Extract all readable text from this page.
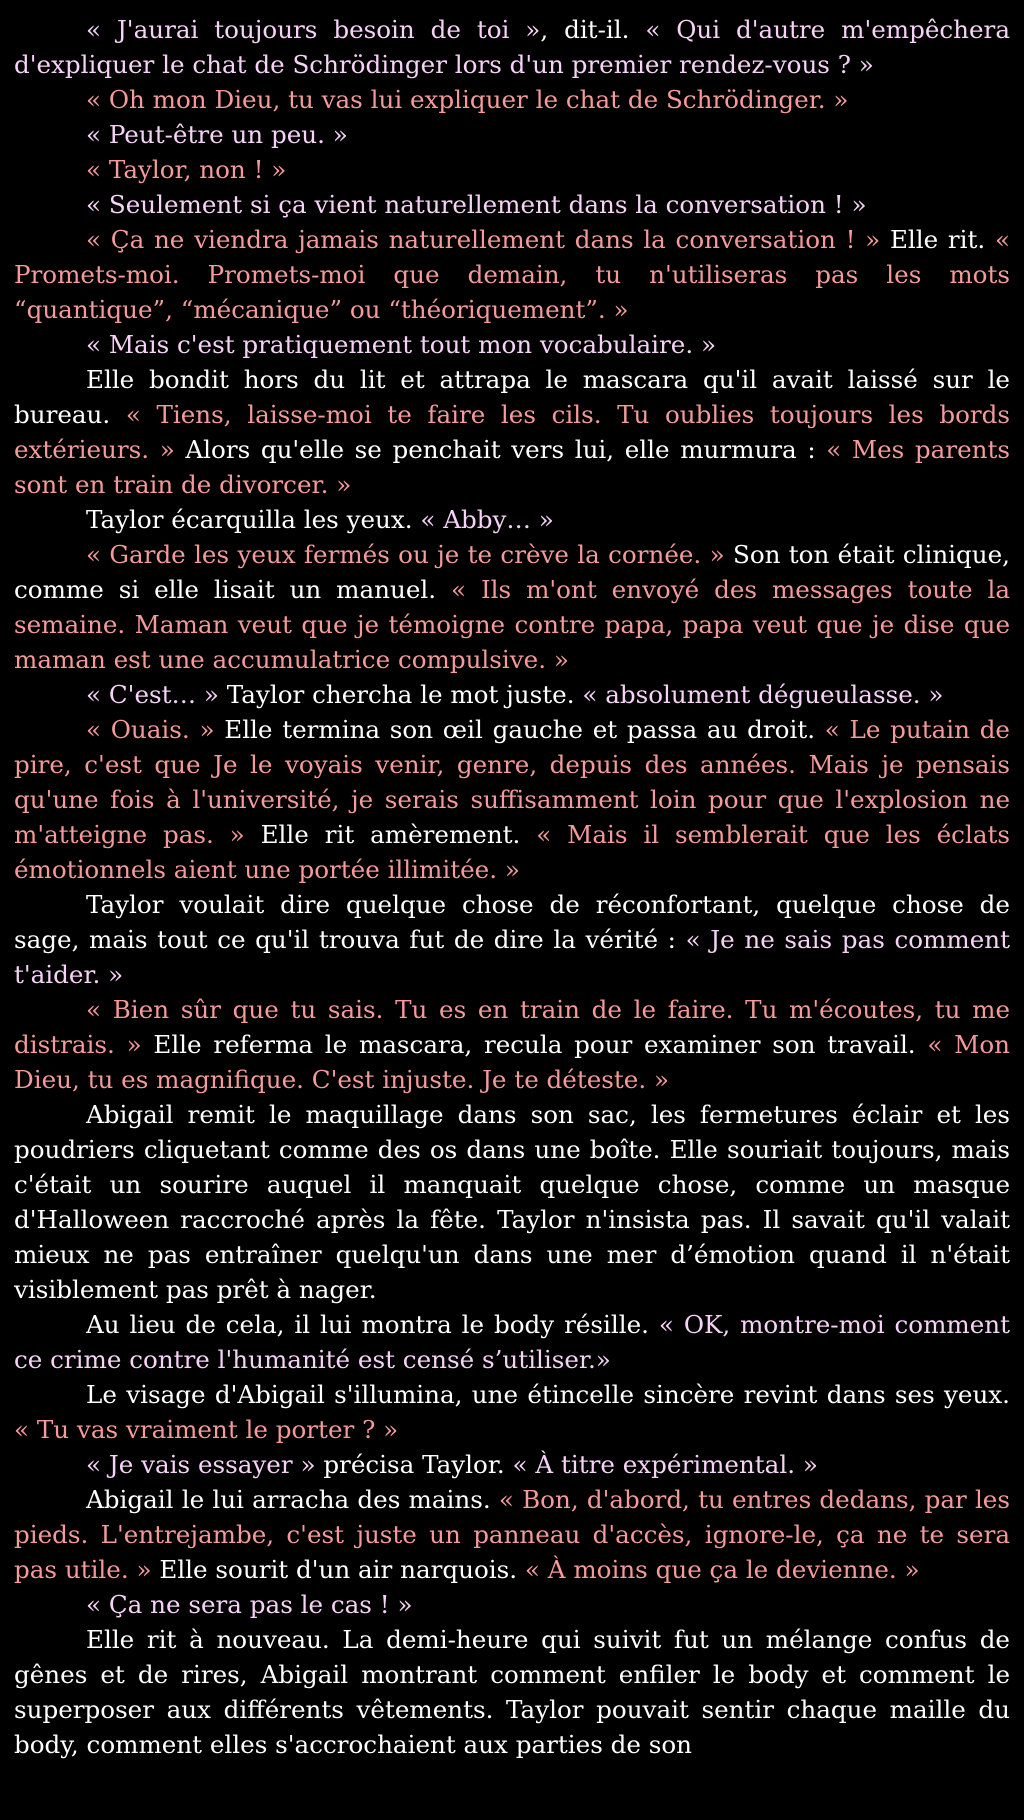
« J'aurai toujours besoin de toi », dit-il. « Qui d'autre m'empêchera d'expliquer le chat de Schrödinger lors d'un premier rendez-vous ? »

« Oh mon Dieu, tu vas lui expliquer le chat de Schrödinger. »

« Peut-être un peu. »

« Taylor, non ! »

« Seulement si ça vient naturellement dans la conversation ! »

« Ça ne viendra jamais naturellement dans la conversation ! » Elle rit. « Promets-moi. Promets-moi que demain, tu n'utiliseras pas les mots “quantique”, “mécanique” ou “théoriquement”. »

« Mais c'est pratiquement tout mon vocabulaire. »

Elle bondit hors du lit et attrapa le mascara qu'il avait laissé sur le bureau. « Tiens, laisse-moi te faire les cils. Tu oublies toujours les bords extérieurs. » Alors qu'elle se penchait vers lui, elle murmura : « Mes parents sont en train de divorcer. »

Taylor écarquilla les yeux. « Abby… »

« Garde les yeux fermés ou je te crève la cornée. » Son ton était clinique, comme si elle lisait un manuel. « Ils m'ont envoyé des messages toute la semaine. Maman veut que je témoigne contre papa, papa veut que je dise que maman est une accumulatrice compulsive. »

« C'est… » Taylor chercha le mot juste. « absolument dégueulasse. »

« Ouais. » Elle termina son œil gauche et passa au droit. « Le putain de pire, c'est que Je le voyais venir, genre, depuis des années. Mais je pensais qu'une fois à l'université, je serais suffisamment loin pour que l'explosion ne m'atteigne pas. » Elle rit amèrement. « Mais il semblerait que les éclats émotionnels aient une portée illimitée. »

Taylor voulait dire quelque chose de réconfortant, quelque chose de sage, mais tout ce qu'il trouva fut de dire la vérité : « Je ne sais pas comment t'aider. »

« Bien sûr que tu sais. Tu es en train de le faire. Tu m'écoutes, tu me distrais. » Elle referma le mascara, recula pour examiner son travail. « Mon Dieu, tu es magnifique. C'est injuste. Je te déteste. »

Abigail remit le maquillage dans son sac, les fermetures éclair et les poudriers cliquetant comme des os dans une boîte. Elle souriait toujours, mais c'était un sourire auquel il manquait quelque chose, comme un masque d'Halloween raccroché après la fête. Taylor n'insista pas. Il savait qu'il valait mieux ne pas entraîner quelqu'un dans une mer d’émotion quand il n'était visiblement pas prêt à nager.

Au lieu de cela, il lui montra le body résille. « OK, montre-moi comment ce crime contre l'humanité est censé s’utiliser.»

Le visage d'Abigail s'illumina, une étincelle sincère revint dans ses yeux. « Tu vas vraiment le porter ? »

« Je vais essayer » précisa Taylor. « À titre expérimental. »

Abigail le lui arracha des mains. « Bon, d'abord, tu entres dedans, par les pieds. L'entrejambe, c'est juste un panneau d'accès, ignore-le, ça ne te sera pas utile. » Elle sourit d'un air narquois. « À moins que ça le devienne. »

« Ça ne sera pas le cas ! »

Elle rit à nouveau. La demi-heure qui suivit fut un mélange confus de gênes et de rires, Abigail montrant comment enfiler le body et comment le superposer aux différents vêtements. Taylor pouvait sentir chaque maille du body, comment elles s'accrochaient aux parties de son
